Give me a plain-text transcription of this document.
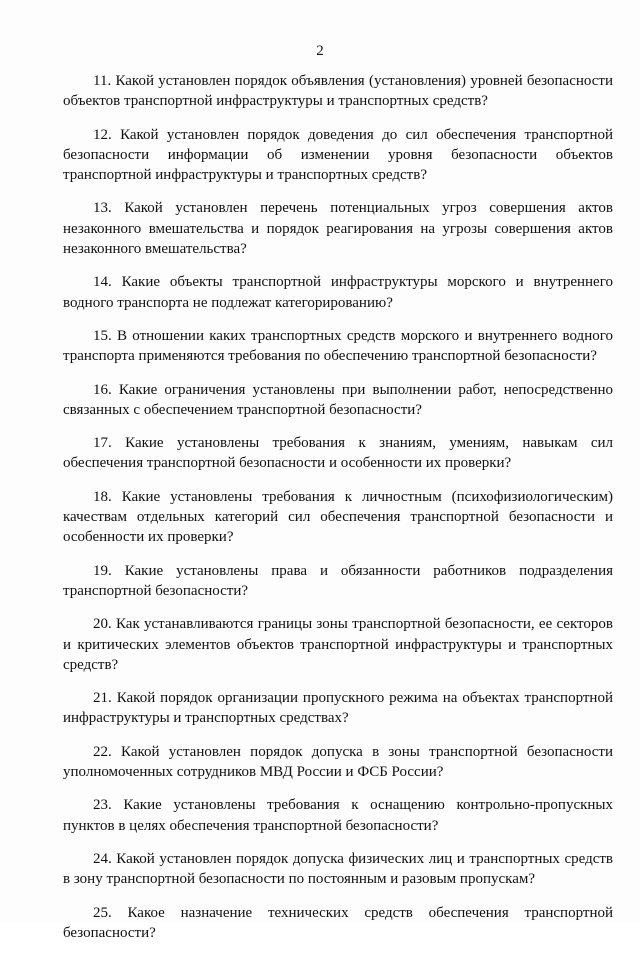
2

11. Какой установлен порядок объявления (установления) уровней безопасности объектов транспортной инфраструктуры и транспортных средств?

12. Какой установлен порядок доведения до сил обеспечения транспортной безопасности информации об изменении уровня безопасности объектов транспортной инфраструктуры и транспортных средств?

13. Какой установлен перечень потенциальных угроз совершения актов незаконного вмешательства и порядок реагирования на угрозы совершения актов незаконного вмешательства?

14. Какие объекты транспортной инфраструктуры морского и внутреннего водного транспорта не подлежат категорированию?

15. В отношении каких транспортных средств морского и внутреннего водного транспорта применяются требования по обеспечению транспортной безопасности?

16. Какие ограничения установлены при выполнении работ, непосредственно связанных с обеспечением транспортной безопасности?

17. Какие установлены требования к знаниям, умениям, навыкам сил обеспечения транспортной безопасности и особенности их проверки?

18. Какие установлены требования к личностным (психофизиологическим) качествам отдельных категорий сил обеспечения транспортной безопасности и особенности их проверки?

19. Какие установлены права и обязанности работников подразделения транспортной безопасности?

20. Как устанавливаются границы зоны транспортной безопасности, ее секторов и критических элементов объектов транспортной инфраструктуры и транспортных средств?

21. Какой порядок организации пропускного режима на объектах транспортной инфраструктуры и транспортных средствах?

22. Какой установлен порядок допуска в зоны транспортной безопасности уполномоченных сотрудников МВД России и ФСБ России?

23. Какие установлены требования к оснащению контрольно-пропускных пунктов в целях обеспечения транспортной безопасности?

24. Какой установлен порядок допуска физических лиц и транспортных средств в зону транспортной безопасности по постоянным и разовым пропускам?

25. Какое назначение технических средств обеспечения транспортной безопасности?
